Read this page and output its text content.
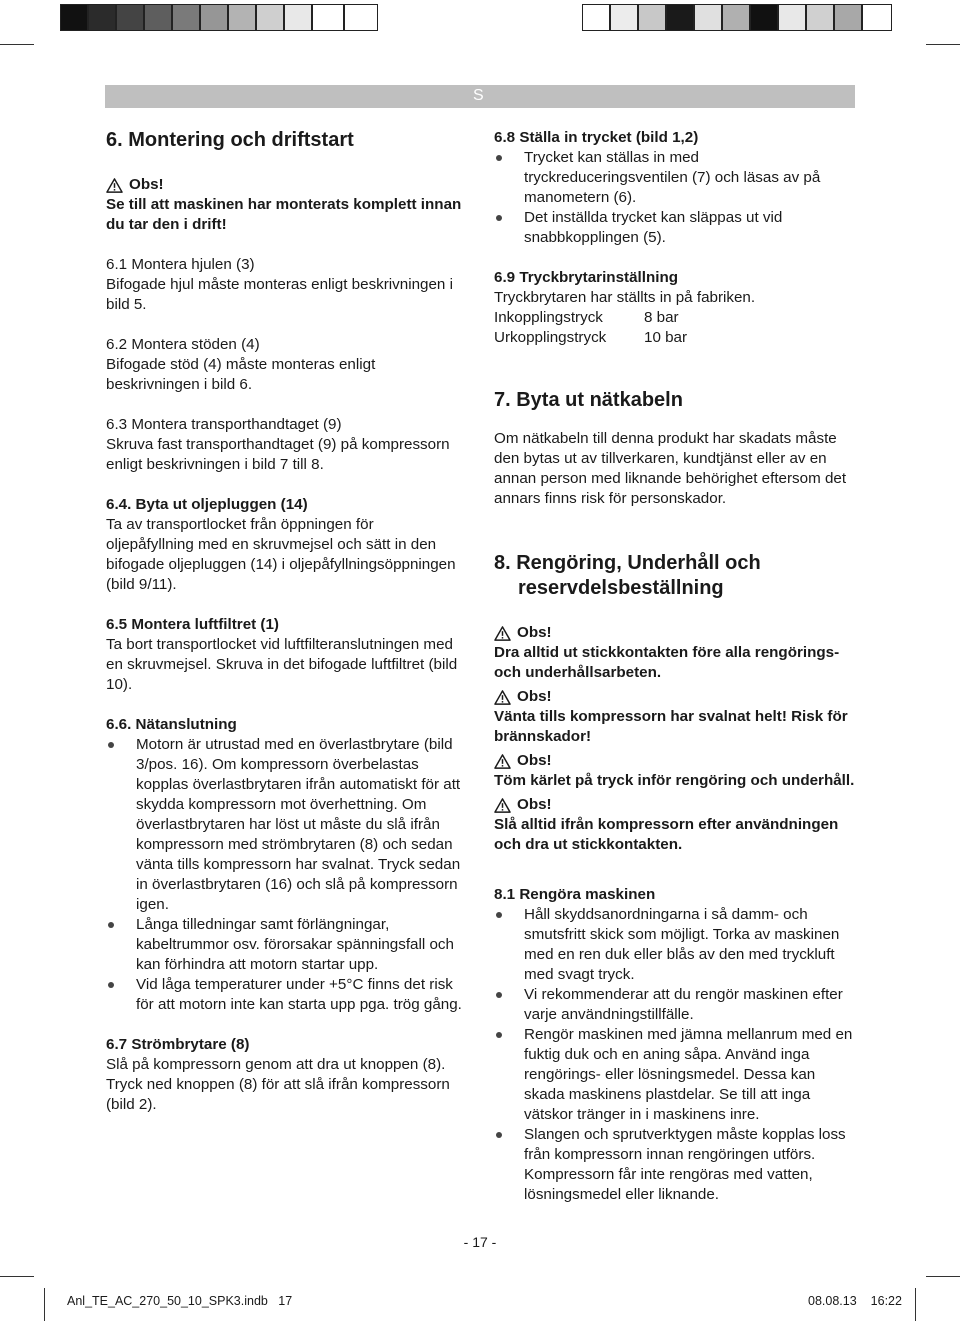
S

6. Montering och driftstart

Obs!

Se till att maskinen har monterats komplett innan du tar den i drift!

6.1 Montera hjulen (3)

Bifogade hjul måste monteras enligt beskrivningen i bild 5.

6.2 Montera stöden (4)

Bifogade stöd (4) måste monteras enligt beskrivningen i bild 6.

6.3 Montera transporthandtaget (9)

Skruva fast transporthandtaget (9) på kompressorn enligt beskrivningen i bild 7 till 8.

6.4. Byta ut oljepluggen (14)

Ta av transportlocket från öppningen för oljepåfyllning med en skruvmejsel och sätt in den bifogade oljepluggen (14) i oljepåfyllningsöppningen (bild 9/11).

6.5 Montera luftfiltret (1)

Ta bort transportlocket vid luftfilteranslutningen med en skruvmejsel. Skruva in det bifogade luftfiltret (bild 10).

6.6. Nätanslutning

Motorn är utrustad med en överlastbrytare (bild 3/pos. 16). Om kompressorn överbelastas kopplas överlastbrytaren ifrån automatiskt för att skydda kompressorn mot överhettning. Om överlastbrytaren har löst ut måste du slå ifrån kompressorn med strömbrytaren (8) och sedan vänta tills kompressorn har svalnat. Tryck sedan in överlastbrytaren (16) och slå på kompressorn igen.
Långa tilledningar samt förlängningar, kabeltrummor osv. förorsakar spänningsfall och kan förhindra att motorn startar upp.
Vid låga temperaturer under +5°C finns det risk för att motorn inte kan starta upp pga. trög gång.

6.7 Strömbrytare (8)

Slå på kompressorn genom att dra ut knoppen (8).

Tryck ned knoppen (8) för att slå ifrån kompressorn (bild 2).

6.8 Ställa in trycket (bild 1,2)

Trycket kan ställas in med tryckreduceringsventilen (7) och läsas av på manometern (6).
Det inställda trycket kan släppas ut vid snabbkopplingen (5).

6.9 Tryckbrytarinställning

Tryckbrytaren har ställts in på fabriken.

Inkopplingstryck	8 bar
Urkopplingstryck	10 bar

7. Byta ut nätkabeln

Om nätkabeln till denna produkt har skadats måste den bytas ut av tillverkaren, kundtjänst eller av en annan person med liknande behörighet eftersom det annars finns risk för personskador.

8. Rengöring, Underhåll och reservdelsbeställning

Obs!

Dra alltid ut stickkontakten före alla rengörings- och underhållsarbeten.

Obs!

Vänta tills kompressorn har svalnat helt! Risk för brännskador!

Obs!

Töm kärlet på tryck inför rengöring och underhåll.

Obs!

Slå alltid ifrån kompressorn efter användningen och dra ut stickkontakten.

8.1 Rengöra maskinen

Håll skyddsanordningarna i så damm- och smutsfritt skick som möjligt. Torka av maskinen med en ren duk eller blås av den med tryckluft med svagt tryck.
Vi rekommenderar att du rengör maskinen efter varje användningstillfälle.
Rengör maskinen med jämna mellanrum med en fuktig duk och en aning såpa. Använd inga rengörings- eller lösningsmedel. Dessa kan skada maskinens plastdelar. Se till att inga vätskor tränger in i maskinens inre.
Slangen och sprutverktygen måste kopplas loss från kompressorn innan rengöringen utförs. Kompressorn får inte rengöras med vatten, lösningsmedel eller liknande.
- 17 -
Anl_TE_AC_270_50_10_SPK3.indb   17	08.08.13 16:22
